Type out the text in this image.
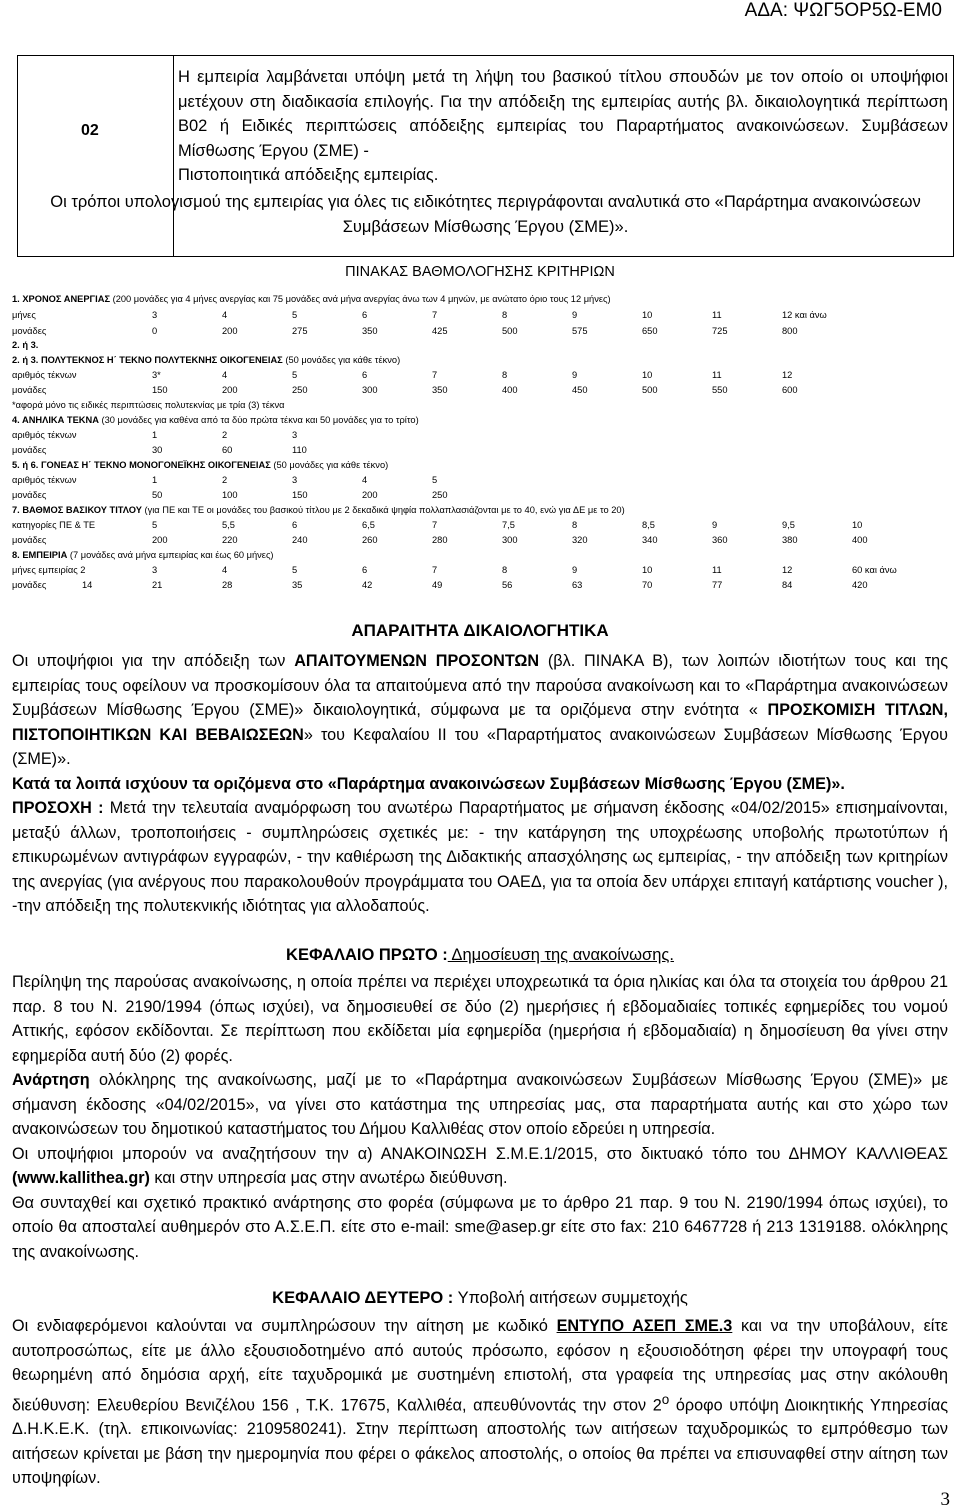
ΑΔΑ: ΨΩΓ5ΟΡ5Ω-ΕΜ0
02
Η εμπειρία λαμβάνεται υπόψη μετά τη λήψη του βασικού τίτλου σπουδών με τον οποίο οι υποψήφιοι μετέχουν στη διαδικασία επιλογής. Για την απόδειξη της εμπειρίας αυτής βλ. δικαιολογητικά περίπτωση Β02 ή Ειδικές περιπτώσεις απόδειξης εμπειρίας του Παραρτήματος ανακοινώσεων. Συμβάσεων Μίσθωσης Έργου (ΣΜΕ) -
Πιστοποιητικά απόδειξης εμπειρίας.
Οι τρόποι υπολογισμού της εμπειρίας για όλες τις ειδικότητες περιγράφονται αναλυτικά στο «Παράρτημα ανακοινώσεων Συμβάσεων Μίσθωσης Έργου (ΣΜΕ)».
ΠΙΝΑΚΑΣ ΒΑΘΜΟΛΟΓΗΣΗΣ ΚΡΙΤΗΡΙΩΝ
1. ΧΡΟΝΟΣ ΑΝΕΡΓΙΑΣ (200 μονάδες για 4 μήνες ανεργίας και 75 μονάδες ανά μήνα ανεργίας άνω των 4 μηνών, με ανώτατο όριο τους 12 μήνες)
μήνες	3	4	5	6	7	8	9	10	11	12 και άνω
μονάδες	0	200	275	350	425	500	575	650	725	800
2. ή 3.
2. ή 3. ΠΟΛΥΤΕΚΝΟΣ Η΄ ΤΕΚΝΟ ΠΟΛΥΤΕΚΝΗΣ ΟΙΚΟΓΕΝΕΙΑΣ (50 μονάδες για κάθε τέκνο)
αριθμός τέκνων	3*	4	5	6	7	8	9	10	11	12
μονάδες	150	200	250	300	350	400	450	500	550	600
*αφορά μόνο τις ειδικές περιπτώσεις πολυτεκνίας με τρία (3) τέκνα
4. ΑΝΗΛΙΚΑ ΤΕΚΝΑ (30 μονάδες για καθένα από τα δύο πρώτα τέκνα και 50 μονάδες για το τρίτο)
αριθμός τέκνων	1	2	3
μονάδες	30	60	110
5. ή 6. ΓΟΝΕΑΣ Η΄ ΤΕΚΝΟ ΜΟΝΟΓΟΝΕΪΚΗΣ ΟΙΚΟΓΕΝΕΙΑΣ (50 μονάδες για κάθε τέκνο)
αριθμός τέκνων	1	2	3	4	5
μονάδες	50	100	150	200	250
7. ΒΑΘΜΟΣ ΒΑΣΙΚΟΥ ΤΙΤΛΟΥ (για ΠΕ και ΤΕ οι μονάδες του βασικού τίτλου με 2 δεκαδικά ψηφία πολλαπλασιάζονται με το 40, ενώ για ΔΕ με το 20)
κατηγορίες ΠΕ & ΤΕ	5	5,5	6	6,5	7	7,5	8	8,5	9	9,5	10
μονάδες	200	220	240	260	280	300	320	340	360	380	400
8. ΕΜΠΕΙΡΙΑ (7 μονάδες ανά μήνα εμπειρίας και έως 60 μήνες)
μήνες εμπειρίας 2	3	4	5	6	7	8	9	10	11	12	60 και άνω
μονάδες	14	21	28	35	42	49	56	63	70	77	84	420
ΑΠΑΡΑΙΤΗΤΑ ΔΙΚΑΙΟΛΟΓΗΤΙΚΑ
Οι υποψήφιοι για την απόδειξη των ΑΠΑΙΤΟΥΜΕΝΩΝ ΠΡΟΣΟΝΤΩΝ (βλ. ΠΙΝΑΚΑ Β), των λοιπών ιδιοτήτων τους και της εμπειρίας τους οφείλουν να προσκομίσουν όλα τα απαιτούμενα από την παρούσα ανακοίνωση και το «Παράρτημα ανακοινώσεων Συμβάσεων Μίσθωσης Έργου (ΣΜΕ)» δικαιολογητικά, σύμφωνα με τα οριζόμενα στην ενότητα « ΠΡΟΣΚΟΜΙΣΗ ΤΙΤΛΩΝ, ΠΙΣΤΟΠΟΙΗΤΙΚΩΝ ΚΑΙ ΒΕΒΑΙΩΣΕΩΝ» του Κεφαλαίου ΙΙ του «Παραρτήματος ανακοινώσεων Συμβάσεων Μίσθωσης Έργου (ΣΜΕ)».
Κατά τα λοιπά ισχύουν τα οριζόμενα στο «Παράρτημα ανακοινώσεων Συμβάσεων Μίσθωσης Έργου (ΣΜΕ)».
ΠΡΟΣΟΧΗ : Μετά την τελευταία αναμόρφωση του ανωτέρω Παραρτήματος με σήμανση έκδοσης «04/02/2015» επισημαίνονται, μεταξύ άλλων, τροποποιήσεις - συμπληρώσεις σχετικές με: - την κατάργηση της υποχρέωσης υποβολής πρωτοτύπων ή επικυρωμένων αντιγράφων εγγραφών, - την καθιέρωση της Διδακτικής απασχόλησης ως εμπειρίας, - την απόδειξη των κριτηρίων της ανεργίας (για ανέργους που παρακολουθούν προγράμματα του ΟΑΕΔ, για τα οποία δεν υπάρχει επιταγή κατάρτισης voucher ), -την απόδειξη της πολυτεκνικής ιδιότητας για αλλοδαπούς.
ΚΕΦΑΛΑΙΟ ΠΡΩΤΟ : Δημοσίευση της ανακοίνωσης.
Περίληψη της παρούσας ανακοίνωσης, η οποία πρέπει να περιέχει υποχρεωτικά τα όρια ηλικίας και όλα τα στοιχεία του άρθρου 21 παρ. 8 του Ν. 2190/1994 (όπως ισχύει), να δημοσιευθεί σε δύο (2) ημερήσιες ή εβδομαδιαίες τοπικές εφημερίδες του νομού Αττικής, εφόσον εκδίδονται. Σε περίπτωση που εκδίδεται μία εφημερίδα (ημερήσια ή εβδομαδιαία) η δημοσίευση θα γίνει στην εφημερίδα αυτή δύο (2) φορές.
Ανάρτηση ολόκληρης της ανακοίνωσης, μαζί με το «Παράρτημα ανακοινώσεων Συμβάσεων Μίσθωσης Έργου (ΣΜΕ)» με σήμανση έκδοσης «04/02/2015», να γίνει στο κατάστημα της υπηρεσίας μας, στα παραρτήματα αυτής και στο χώρο των ανακοινώσεων του δημοτικού καταστήματος του Δήμου Καλλιθέας στον οποίο εδρεύει η υπηρεσία.
Οι υποψήφιοι μπορούν να αναζητήσουν την α) ΑΝΑΚΟΙΝΩΣΗ Σ.Μ.Ε.1/2015, στο δικτυακό τόπο του ΔΗΜΟΥ ΚΑΛΛΙΘΕΑΣ (www.kallithea.gr) και στην υπηρεσία μας στην ανωτέρω διεύθυνση.
Θα συνταχθεί και σχετικό πρακτικό ανάρτησης στο φορέα (σύμφωνα με το άρθρο 21 παρ. 9 του Ν. 2190/1994 όπως ισχύει), το οποίο θα αποσταλεί αυθημερόν στο Α.Σ.Ε.Π. είτε στο e-mail: sme@asep.gr είτε στο fax: 210 6467728 ή 213 1319188. ολόκληρης της ανακοίνωσης.
ΚΕΦΑΛΑΙΟ ΔΕΥΤΕΡΟ : Υποβολή αιτήσεων συμμετοχής
Οι ενδιαφερόμενοι καλούνται να συμπληρώσουν την αίτηση με κωδικό ΕΝΤΥΠΟ ΑΣΕΠ ΣΜΕ.3 και να την υποβάλουν, είτε αυτοπροσώπως, είτε με άλλο εξουσιοδοτημένο από αυτούς πρόσωπο, εφόσον η εξουσιοδότηση φέρει την υπογραφή τους θεωρημένη από δημόσια αρχή, είτε ταχυδρομικά με συστημένη επιστολή, στα γραφεία της υπηρεσίας μας στην ακόλουθη διεύθυνση: Ελευθερίου Βενιζέλου 156 , Τ.Κ. 17675, Καλλιθέα, απευθύνοντάς την στον $2^o$ όροφο υπόψη Διοικητικής Υπηρεσίας Δ.Η.Κ.Ε.Κ. (τηλ. επικοινωνίας: 2109580241). Στην περίπτωση αποστολής των αιτήσεων ταχυδρομικώς το εμπρόθεσμο των αιτήσεων κρίνεται με βάση την ημερομηνία που φέρει ο φάκελος αποστολής, ο οποίος θα πρέπει να επισυναφθεί στην αίτηση των υποψηφίων.
3
